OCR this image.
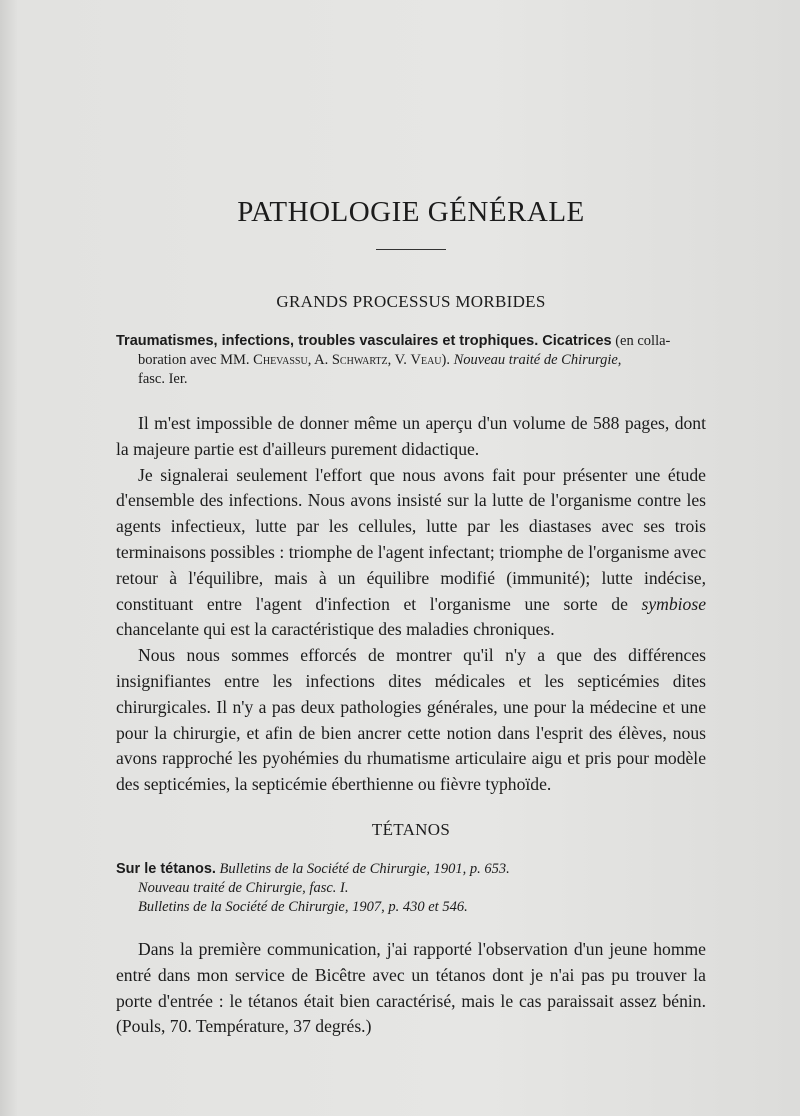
PATHOLOGIE GÉNÉRALE
GRANDS PROCESSUS MORBIDES

Traumatismes, infections, troubles vasculaires et trophiques. Cicatrices (en colla-
boration avec MM. Chevassu, A. Schwartz, V. Veau). Nouveau traité de Chirurgie,
fasc. Ier.

Il m'est impossible de donner même un aperçu d'un volume de 588 pages, dont la majeure partie est d'ailleurs purement didactique.

Je signalerai seulement l'effort que nous avons fait pour présenter une étude d'ensemble des infections. Nous avons insisté sur la lutte de l'organisme contre les agents infectieux, lutte par les cellules, lutte par les diastases avec ses trois terminaisons possibles : triomphe de l'agent infectant; triomphe de l'organisme avec retour à l'équilibre, mais à un équilibre modifié (immunité); lutte indécise, constituant entre l'agent d'infection et l'organisme une sorte de symbiose chancelante qui est la caractéristique des maladies chroniques.

Nous nous sommes efforcés de montrer qu'il n'y a que des différences insignifiantes entre les infections dites médicales et les septicémies dites chirurgicales. Il n'y a pas deux pathologies générales, une pour la médecine et une pour la chirurgie, et afin de bien ancrer cette notion dans l'esprit des élèves, nous avons rapproché les pyohémies du rhumatisme articulaire aigu et pris pour modèle des septicémies, la septicémie éberthienne ou fièvre typhoïde.

TÉTANOS

Sur le tétanos. Bulletins de la Société de Chirurgie, 1901, p. 653.

Nouveau traité de Chirurgie, fasc. I.

Bulletins de la Société de Chirurgie, 1907, p. 430 et 546.

Dans la première communication, j'ai rapporté l'observation d'un jeune homme entré dans mon service de Bicêtre avec un tétanos dont je n'ai pas pu trouver la porte d'entrée : le tétanos était bien caractérisé, mais le cas paraissait assez bénin. (Pouls, 70. Température, 37 degrés.)
